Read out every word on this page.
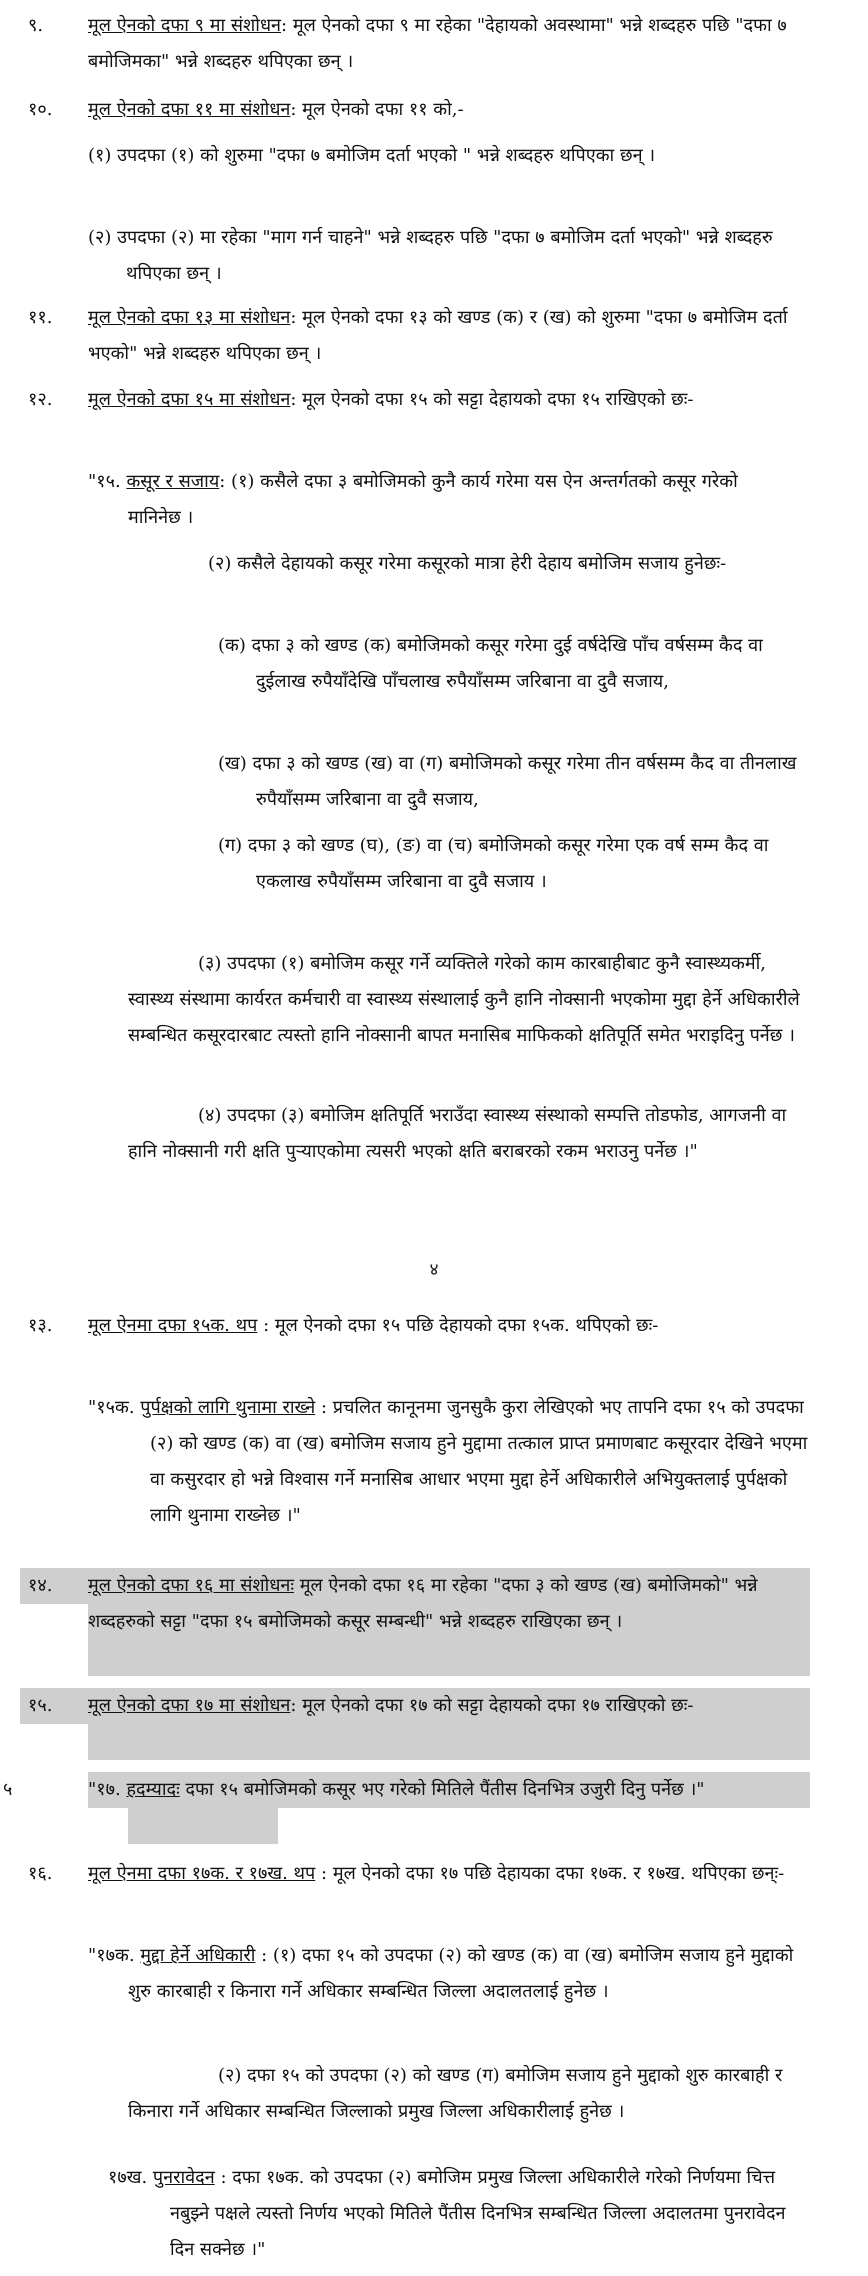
९. मूल ऐनको दफा ९ मा संशोधन: मूल ऐनको दफा ९ मा रहेका "देहायको अवस्थामा" भन्ने शब्दहरु पछि "दफा ७ बमोजिमका" भन्ने शब्दहरु थपिएका छन् ।
१०. मूल ऐनको दफा ११ मा संशोधन: मूल ऐनको दफा ११ को,-
(१) उपदफा (१) को शुरुमा "दफा ७ बमोजिम दर्ता भएको " भन्ने शब्दहरु थपिएका छन् ।
(२) उपदफा (२) मा रहेका "माग गर्न चाहने" भन्ने शब्दहरु पछि "दफा ७ बमोजिम दर्ता भएको" भन्ने शब्दहरु थपिएका छन् ।
११. मूल ऐनको दफा १३ मा संशोधन: मूल ऐनको दफा १३ को खण्ड (क) र (ख) को शुरुमा "दफा ७ बमोजिम दर्ता भएको" भन्ने शब्दहरु थपिएका छन् ।
१२. मूल ऐनको दफा १५ मा संशोधन: मूल ऐनको दफा १५ को सट्टा देहायको दफा १५ राखिएको छः-
"१५. कसूर र सजाय: (१) कसैले दफा ३ बमोजिमको कुनै कार्य गरेमा यस ऐन अन्तर्गतको कसूर गरेको मानिनेछ ।
(२) कसैले देहायको कसूर गरेमा कसूरको मात्रा हेरी देहाय बमोजिम सजाय हुनेछः-
(क) दफा ३ को खण्ड (क) बमोजिमको कसूर गरेमा दुई वर्षदेखि पाँच वर्षसम्म कैद वा दुईलाख रुपैयाँदेखि पाँचलाख रुपैयाँसम्म जरिबाना वा दुवै सजाय,
(ख) दफा ३ को खण्ड (ख) वा (ग) बमोजिमको कसूर गरेमा तीन वर्षसम्म कैद वा तीनलाख रुपैयाँसम्म जरिबाना वा दुवै सजाय,
(ग) दफा ३ को खण्ड (घ), (ङ) वा (च) बमोजिमको कसूर गरेमा एक वर्ष सम्म कैद वा एकलाख रुपैयाँसम्म जरिबाना वा दुवै सजाय ।
(३) उपदफा (१) बमोजिम कसूर गर्ने व्यक्तिले गरेको काम कारबाहीबाट कुनै स्वास्थ्यकर्मी, स्वास्थ्य संस्थामा कार्यरत कर्मचारी वा स्वास्थ्य संस्थालाई कुनै हानि नोक्सानी भएकोमा मुद्दा हेर्ने अधिकारीले सम्बन्धित कसूरदारबाट त्यस्तो हानि नोक्सानी बापत मनासिब माफिकको क्षतिपूर्ति समेत भराइदिनु पर्नेछ ।
(४) उपदफा (३) बमोजिम क्षतिपूर्ति भराउँदा स्वास्थ्य संस्थाको सम्पत्ति तोडफोड, आगजनी वा हानि नोक्सानी गरी क्षति पुऱ्याएकोमा त्यसरी भएको क्षति बराबरको रकम भराउनु पर्नेछ ।"
४
१३. मूल ऐनमा दफा १५क. थप : मूल ऐनको दफा १५ पछि देहायको दफा १५क. थपिएको छः-
"१५क. पुर्पक्षको लागि थुनामा राख्ने : प्रचलित कानूनमा जुनसुकै कुरा लेखिएको भए तापनि दफा १५ को उपदफा (२) को खण्ड (क) वा (ख) बमोजिम सजाय हुने मुद्दामा तत्काल प्राप्त प्रमाणबाट कसूरदार देखिने भएमा वा कसुरदार हो भन्ने विश्वास गर्ने मनासिब आधार भएमा मुद्दा हेर्ने अधिकारीले अभियुक्तलाई पुर्पक्षको लागि थुनामा राख्नेछ ।"
१४. मूल ऐनको दफा १६ मा संशोधनः मूल ऐनको दफा १६ मा रहेका "दफा ३ को खण्ड (ख) बमोजिमको" भन्ने शब्दहरुको सट्टा "दफा १५ बमोजिमको कसूर सम्बन्धी" भन्ने शब्दहरु राखिएका छन् ।
१५. मूल ऐनको दफा १७ मा संशोधन: मूल ऐनको दफा १७ को सट्टा देहायको दफा १७ राखिएको छः-
५	"१७. हदम्यादः दफा १५ बमोजिमको कसूर भए गरेको मितिले पैंतीस दिनभित्र उजुरी दिनु पर्नेछ ।"
१६. मूल ऐनमा दफा १७क. र १७ख. थप : मूल ऐनको दफा १७ पछि देहायका दफा १७क. र १७ख. थपिएका छन्ः-
"१७क. मुद्दा हेर्ने अधिकारी : (१) दफा १५ को उपदफा (२) को खण्ड (क) वा (ख) बमोजिम सजाय हुने मुद्दाको शुरु कारबाही र किनारा गर्ने अधिकार सम्बन्धित जिल्ला अदालतलाई हुनेछ ।
(२) दफा १५ को उपदफा (२) को खण्ड (ग) बमोजिम सजाय हुने मुद्दाको शुरु कारबाही र किनारा गर्ने अधिकार सम्बन्धित जिल्लाको प्रमुख जिल्ला अधिकारीलाई हुनेछ ।
१७ख. पुनरावेदन : दफा १७क. को उपदफा (२) बमोजिम प्रमुख जिल्ला अधिकारीले गरेको निर्णयमा चित्त नबुझ्ने पक्षले त्यस्तो निर्णय भएको मितिले पैंतीस दिनभित्र सम्बन्धित जिल्ला अदालतमा पुनरावेदन दिन सक्नेछ ।"
